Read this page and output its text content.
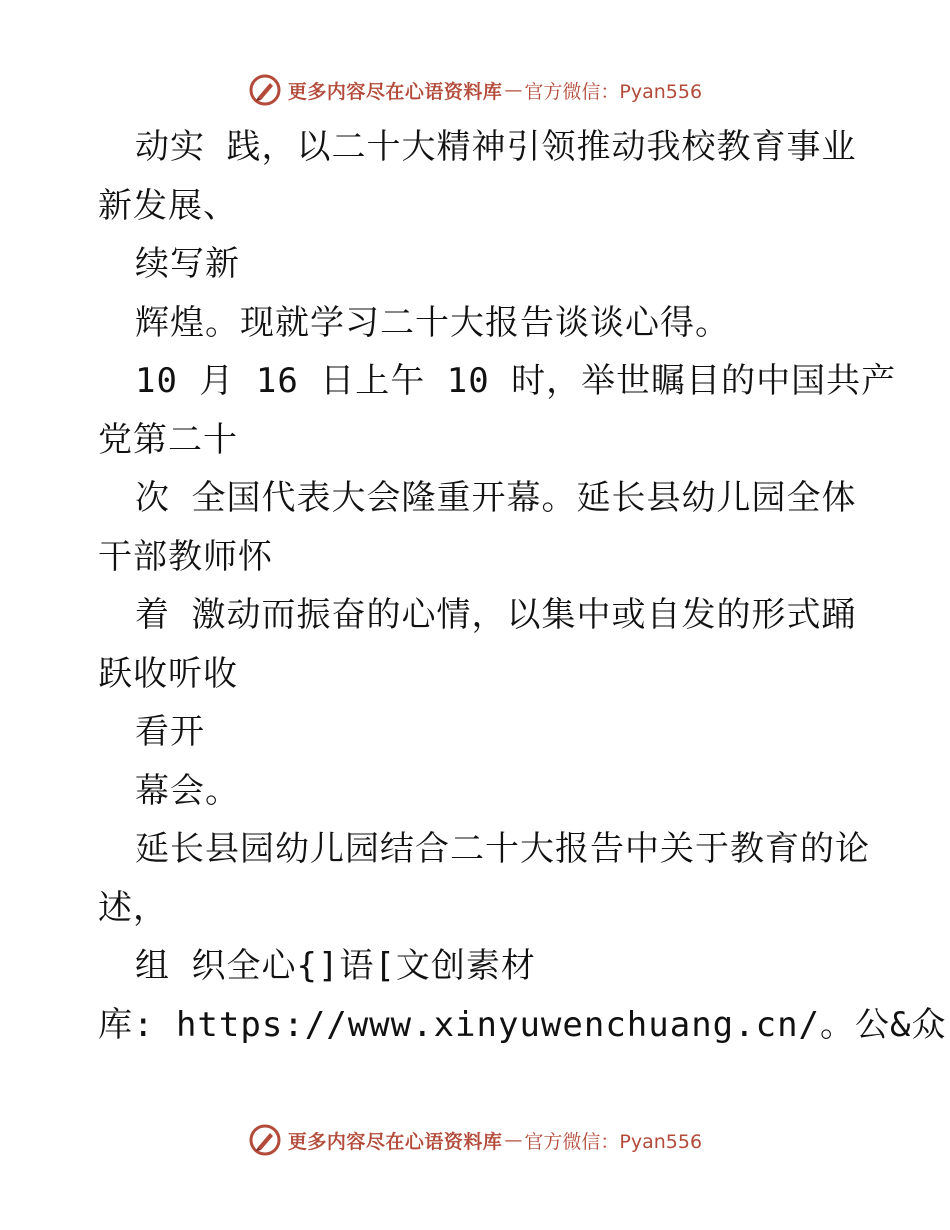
更多内容尽在心语资料库 — 官方微信：Pyan556
动实 践，以二十大精神引领推动我校教育事业
新发展、
续写新
辉煌。现就学习二十大报告谈谈心得。
10 月 16 日上午 10 时，举世瞩目的中国共产
党第二十
次 全国代表大会隆重开幕。延长县幼儿园全体
干部教师怀
着 激动而振奋的心情，以集中或自发的形式踊
跃收听收
看开
幕会。
延长县园幼儿园结合二十大报告中关于教育的论
述，
组 织全心{]语[文创素材
库: https://www.xinyuwenchuang.cn/。公&众
更多内容尽在心语资料库 — 官方微信：Pyan556
